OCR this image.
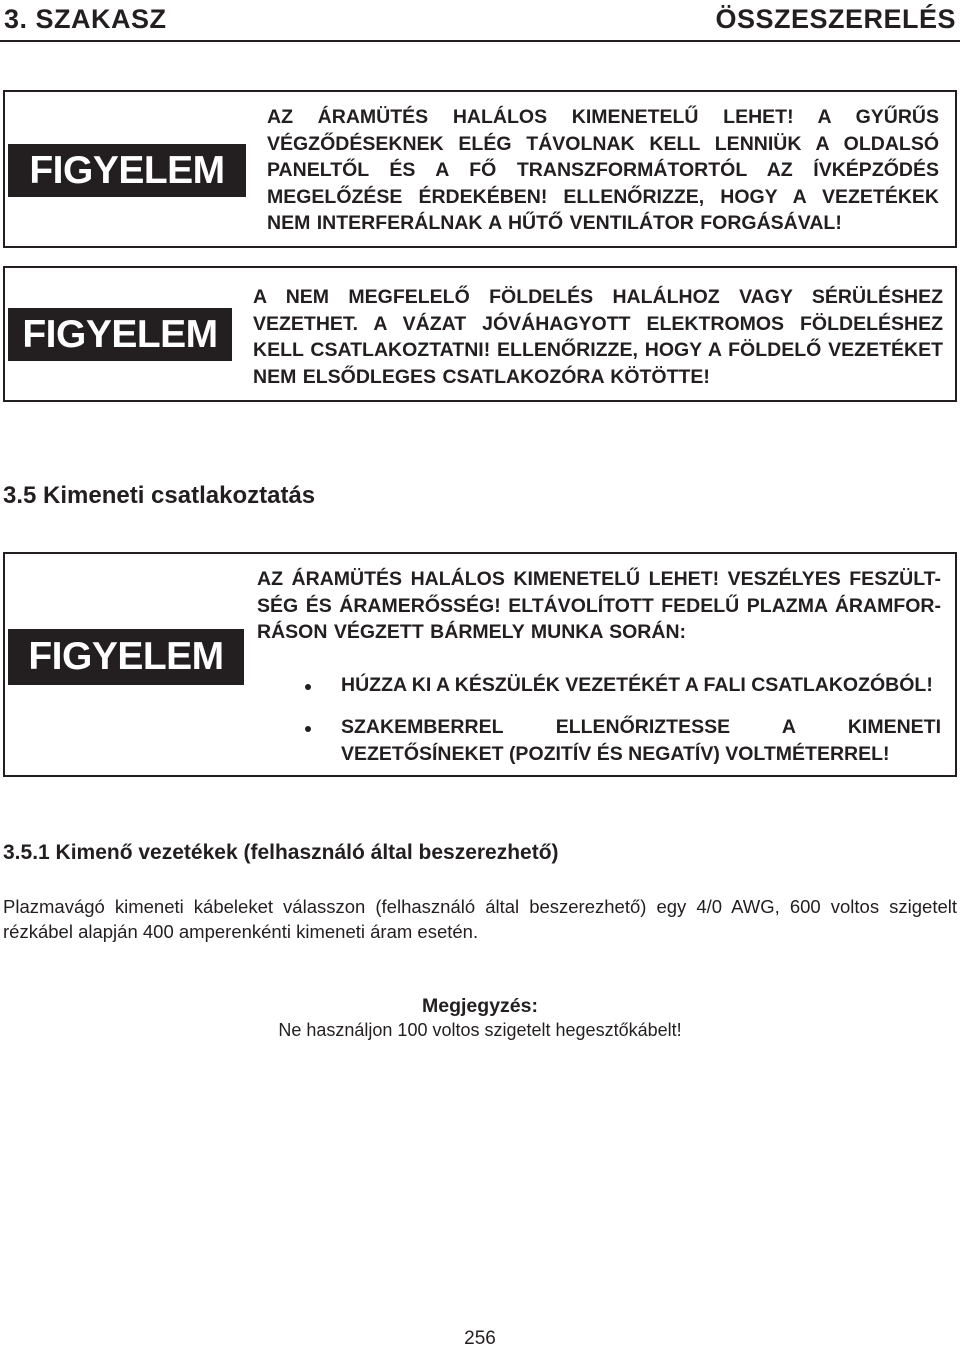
3. SZAKASZ	ÖSSZESZERELÉS
FIGYELEM
AZ ÁRAMÜTÉS HALÁLOS KIMENETELŰ LEHET! A GYŰRŰS VÉGZŐDÉSEKNEK ELÉG TÁVOLNAK KELL LENNIÜK A OLDALSÓ PANELTŐL ÉS A FŐ TRANSZFORMÁTORTÓL AZ ÍVKÉPZŐDÉS MEGELŐZÉSE ÉRDEKÉBEN! ELLENŐRIZZE, HOGY A VEZETÉKEK NEM INTERFERÁLNAK A HŰTŐ VENTILÁTOR FORGÁSÁVAL!
FIGYELEM
A NEM MEGFELELŐ FÖLDELÉS HALÁLHOZ VAGY SÉRÜLÉSHEZ VEZETHET. A VÁZAT JÓVÁHAGYOTT ELEKTROMOS FÖLDELÉSHEZ KELL CSATLAKOZTATNI! ELLENŐRIZZE, HOGY A FÖLDELŐ VEZETÉKET NEM ELSŐDLEGES CSATLAKOZÓRA KÖTÖTTE!
3.5 Kimeneti csatlakoztatás
FIGYELEM
AZ ÁRAMÜTÉS HALÁLOS KIMENETELŰ LEHET! VESZÉLYES FESZÜLT-SÉG ÉS ÁRAMERŐSSÉG! ELTÁVOLÍTOTT FEDELŰ PLAZMA ÁRAMFOR-RÁSON VÉGZETT BÁRMELY MUNKA SORÁN:
HÚZZA KI A KÉSZÜLÉK VEZETÉKÉT A FALI CSATLAKOZÓBÓL!
SZAKEMBERREL ELLENŐRIZTESSE A KIMENETI VEZETŐSÍNEKET (POZITÍV ÉS NEGATÍV) VOLTMÉTERREL!
3.5.1 Kimenő vezetékek (felhasználó által beszerezhető)
Plazmavágó kimeneti kábeleket válasszon (felhasználó által beszerezhető) egy 4/0 AWG, 600 voltos szigetelt rézkábel alapján 400 amperenkénti kimeneti áram esetén.
Megjegyzés:
Ne használjon 100 voltos szigetelt hegesztőkábelt!
256
